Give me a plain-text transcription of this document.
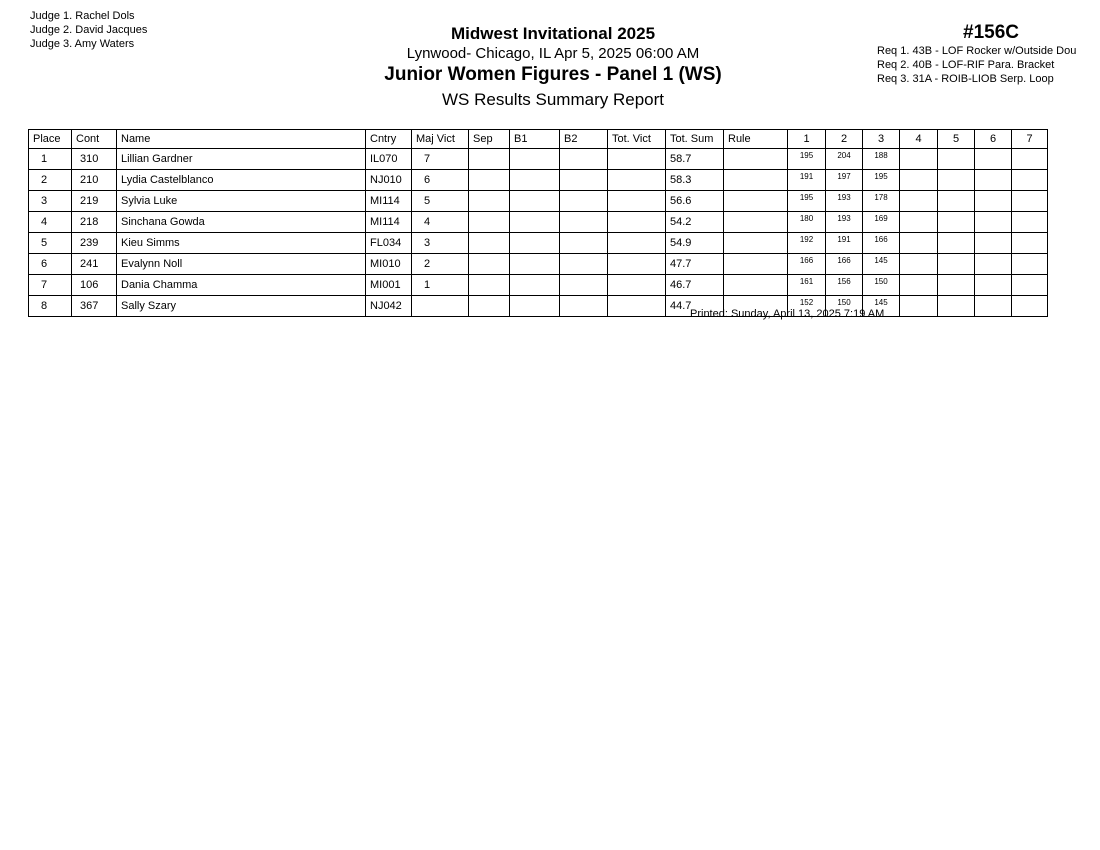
Judge 1. Rachel Dols
Judge 2. David Jacques
Judge 3. Amy Waters
Midwest Invitational 2025
Lynwood- Chicago, IL Apr 5, 2025 06:00 AM
Junior Women Figures - Panel 1 (WS)
WS Results Summary Report
#156C
Req 1. 43B - LOF Rocker w/Outside Dou
Req 2. 40B - LOF-RIF Para. Bracket
Req 3. 31A - ROIB-LIOB Serp. Loop
Place	Cont	Name	Cntry	Maj Vict	Sep	B1	B2	Tot. Vict	Tot. Sum	Rule	1	2	3	4	5	6	7
1	310	Lillian Gardner	IL070	7					58.7		195	204	188				
2	210	Lydia Castelblanco	NJ010	6					58.3		191	197	195				
3	219	Sylvia Luke	MI114	5					56.6		195	193	178				
4	218	Sinchana Gowda	MI114	4					54.2		180	193	169				
5	239	Kieu Simms	FL034	3					54.9		192	191	166				
6	241	Evalynn Noll	MI010	2					47.7		166	166	145				
7	106	Dania Chamma	MI001	1					46.7		161	156	150				
8	367	Sally Szary	NJ042						44.7		152	150	145				
Printed: Sunday, April 13, 2025 7:19 AM
